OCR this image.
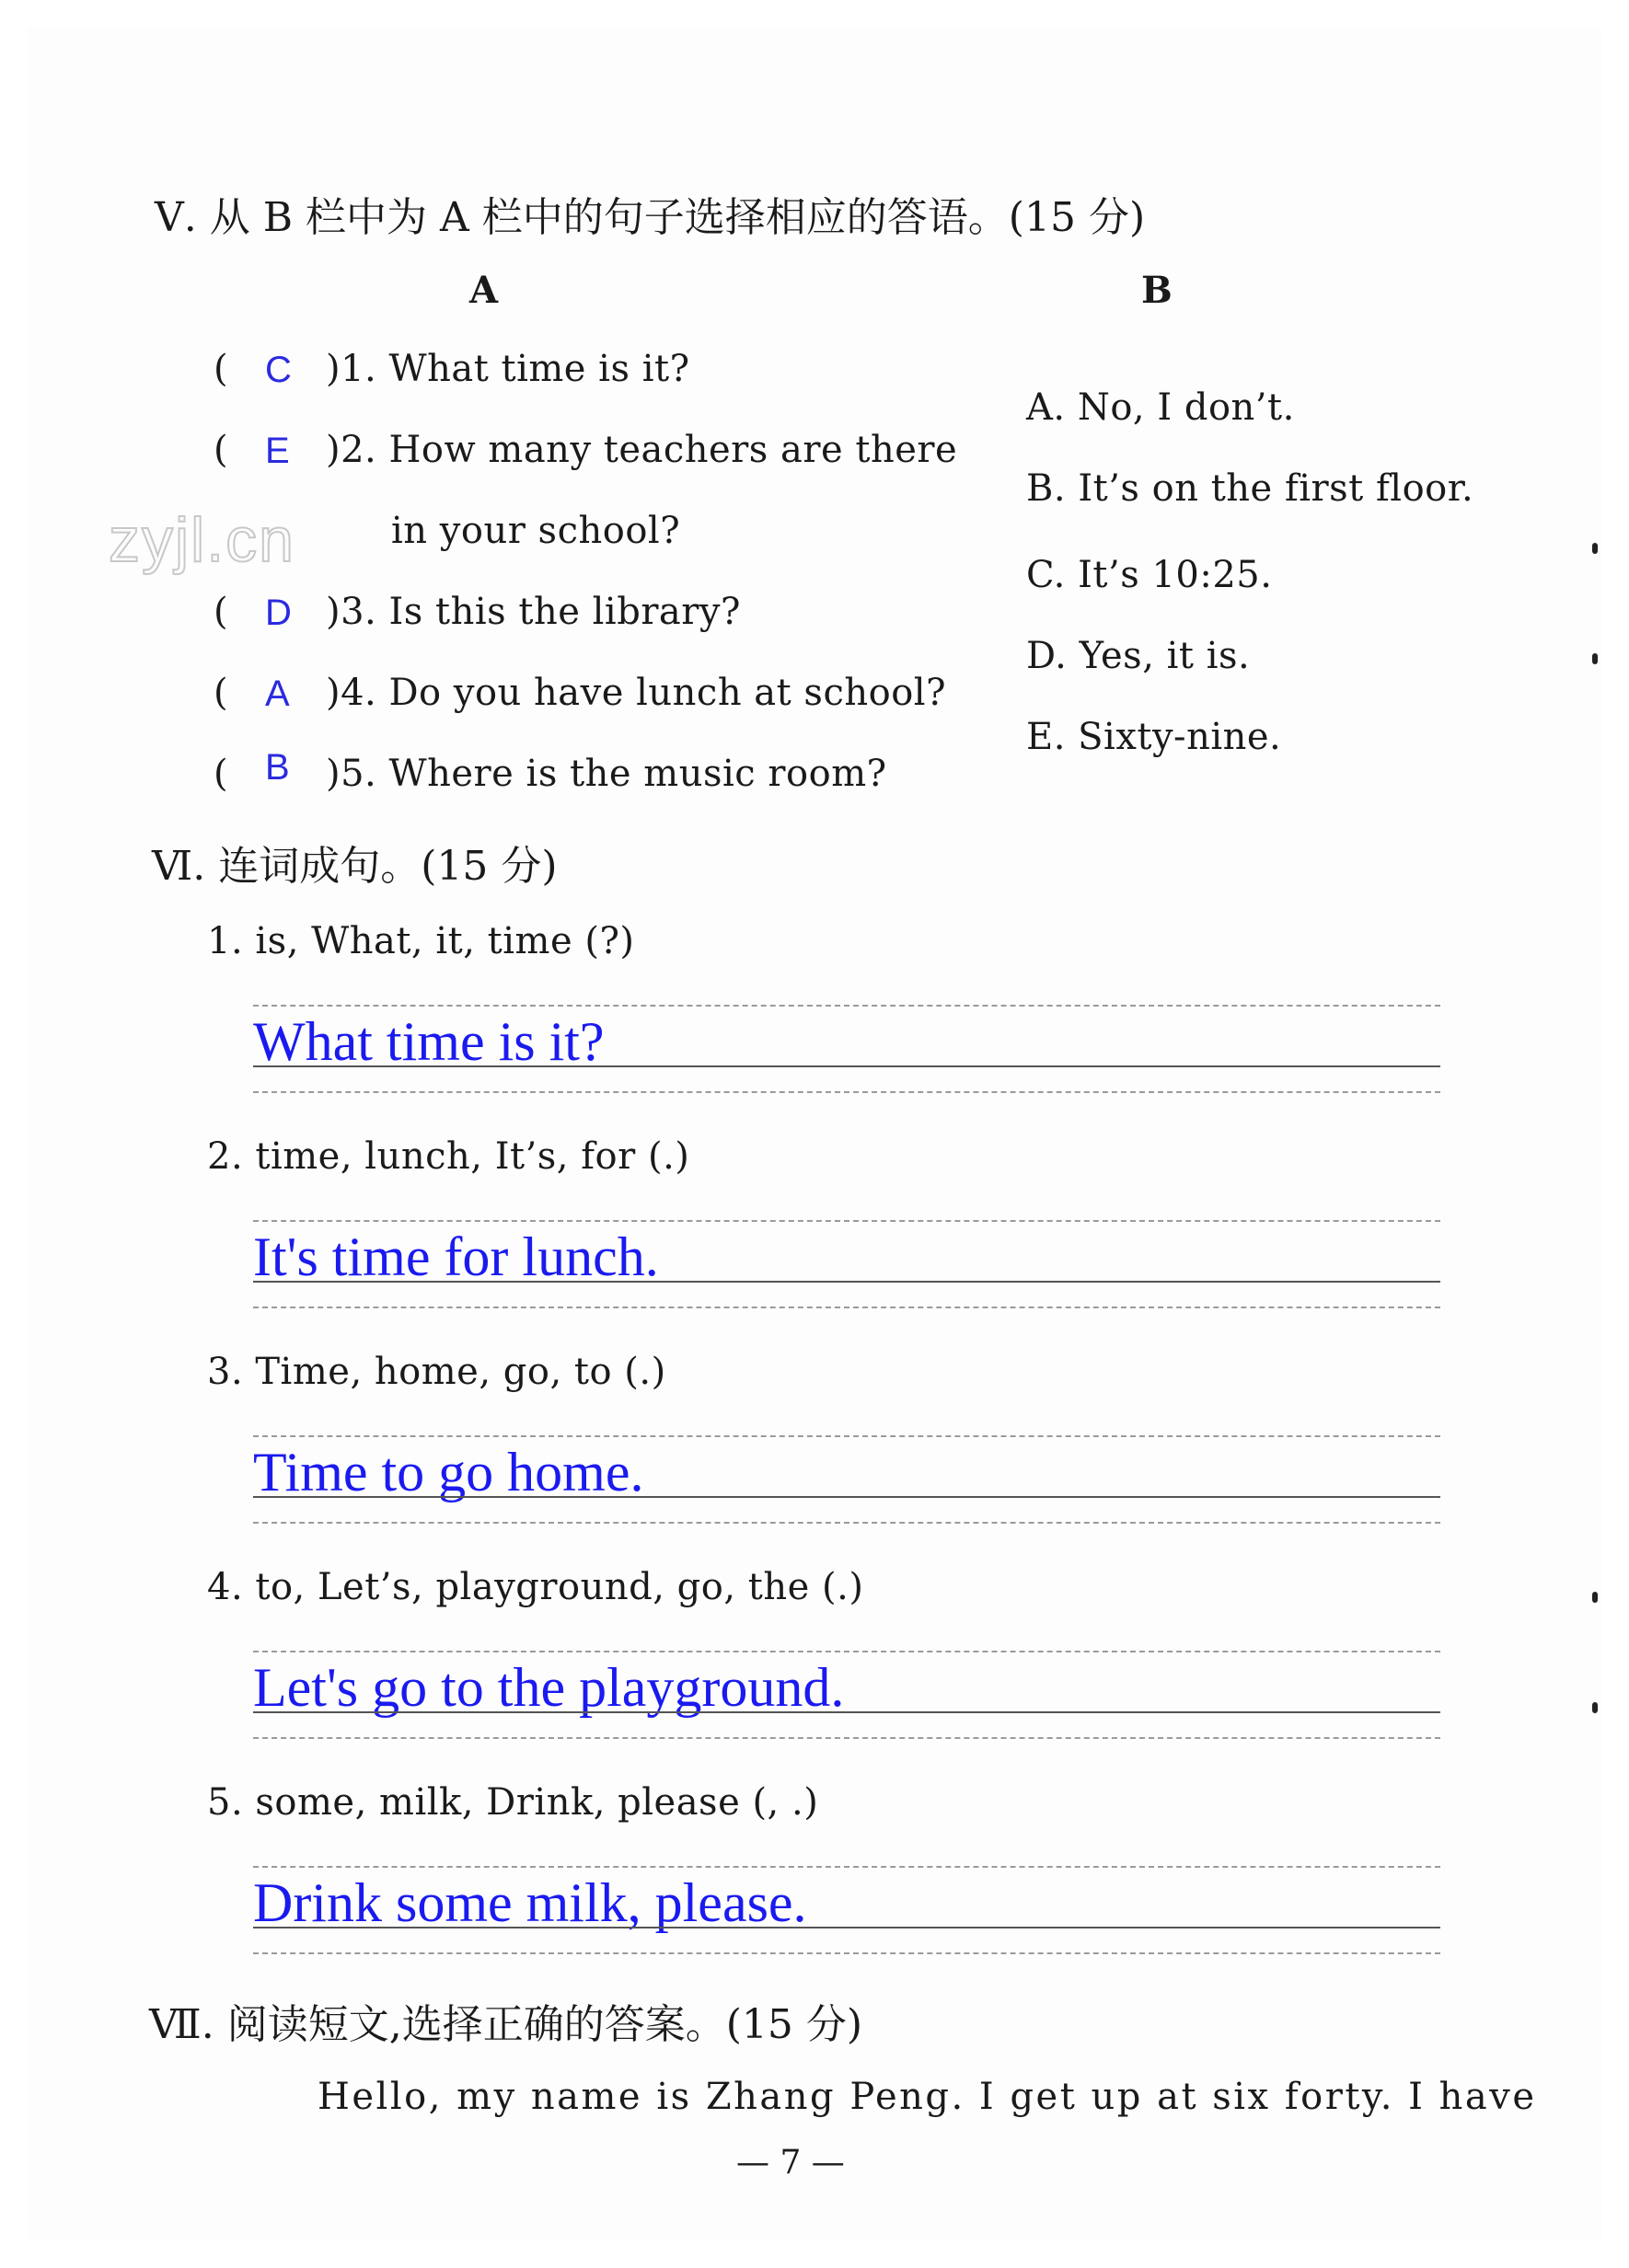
Ⅴ. 从 B 栏中为 A 栏中的句子选择相应的答语。(15 分)
A	B
( C )1. What time is it?
( E )2. How many teachers are there
in your school?
( D )3. Is this the library?
( A )4. Do you have lunch at school?
( B )5. Where is the music room?
A. No, I don’t.
B. It’s on the first floor.
C. It’s 10:25.
D. Yes, it is.
E. Sixty-nine.
zyjl.cn
Ⅵ. 连词成句。(15 分)
1. is, What, it, time (?)
What time is it?
2. time, lunch, It’s, for (.)
It's time for lunch.
3. Time, home, go, to (.)
Time to go home.
4. to, Let’s, playground, go, the (.)
Let's go to the playground.
5. some, milk, Drink, please (, .)
Drink some milk, please.
Ⅶ. 阅读短文,选择正确的答案。(15 分)
Hello, my name is Zhang Peng. I get up at six forty. I have
— 7 —
